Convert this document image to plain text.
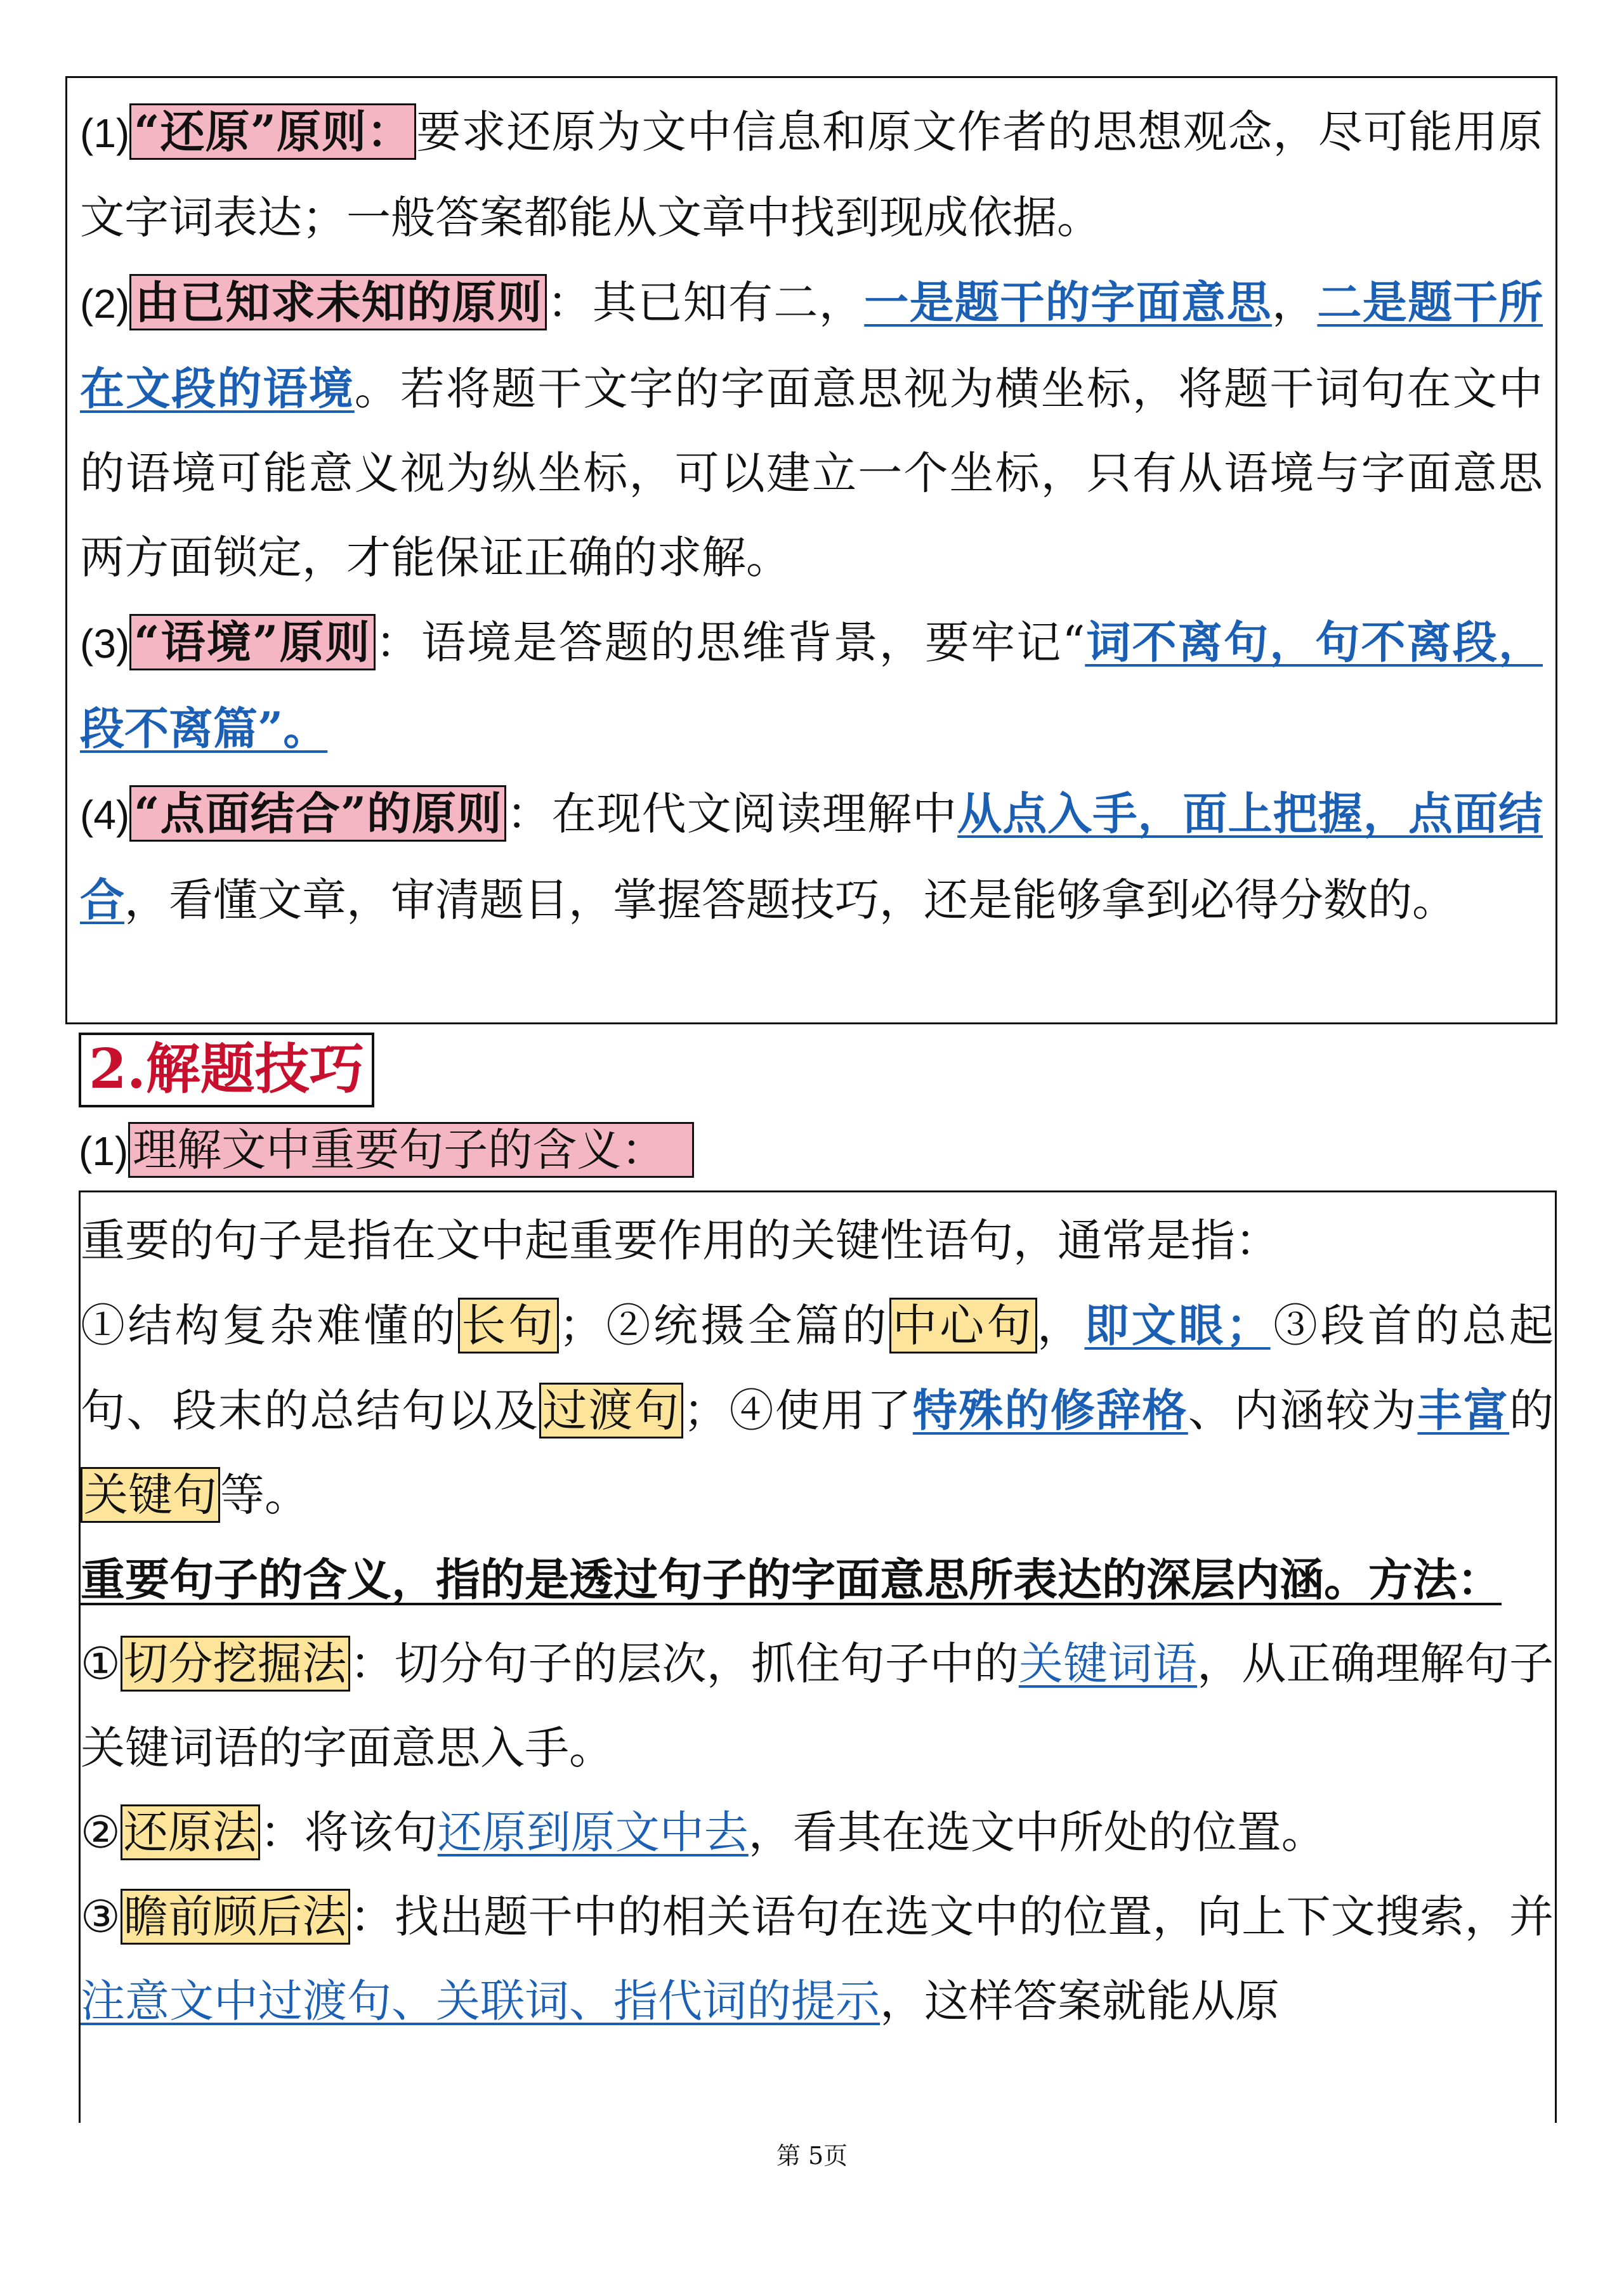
(1) “还原”原则： 要求还原为文中信息和原文作者的思想观念，尽可能用原文字词表达；一般答案都能从文章中找到现成依据。

(2) 由已知求未知的原则 ：其已知有二，一是题干的字面意思，二是题干所在文段的语境。若将题干文字的字面意思视为横坐标，将题干词句在文中的语境可能意义视为纵坐标，可以建立一个坐标，只有从语境与字面意思两方面锁定，才能保证正确的求解。

(3) “语境”原则 ：语境是答题的思维背景，要牢记“词不离句，句不离段，段不离篇”。

(4) “点面结合”的原则 ：在现代文阅读理解中从点入手，面上把握，点面结合，看懂文章，审清题目，掌握答题技巧，还是能够拿到必得分数的。

2.解题技巧
(1) 理解文中重要句子的含义：

重要的句子是指在文中起重要作用的关键性语句，通常是指：

①结构复杂难懂的长句；②统摄全篇的中心句，即文眼；③段首的总起句、段末的总结句以及过渡句；④使用了特殊的修辞格、内涵较为丰富的关键句等。

重要句子的含义，指的是透过句子的字面意思所表达的深层内涵。方法：

①切分挖掘法：切分句子的层次，抓住句子中的关键词语，从正确理解句子关键词语的字面意思入手。

②还原法：将该句还原到原文中去，看其在选文中所处的位置。

③瞻前顾后法：找出题干中的相关语句在选文中的位置，向上下文搜索，并注意文中过渡句、关联词、指代词的提示，这样答案就能从原

第 5页
